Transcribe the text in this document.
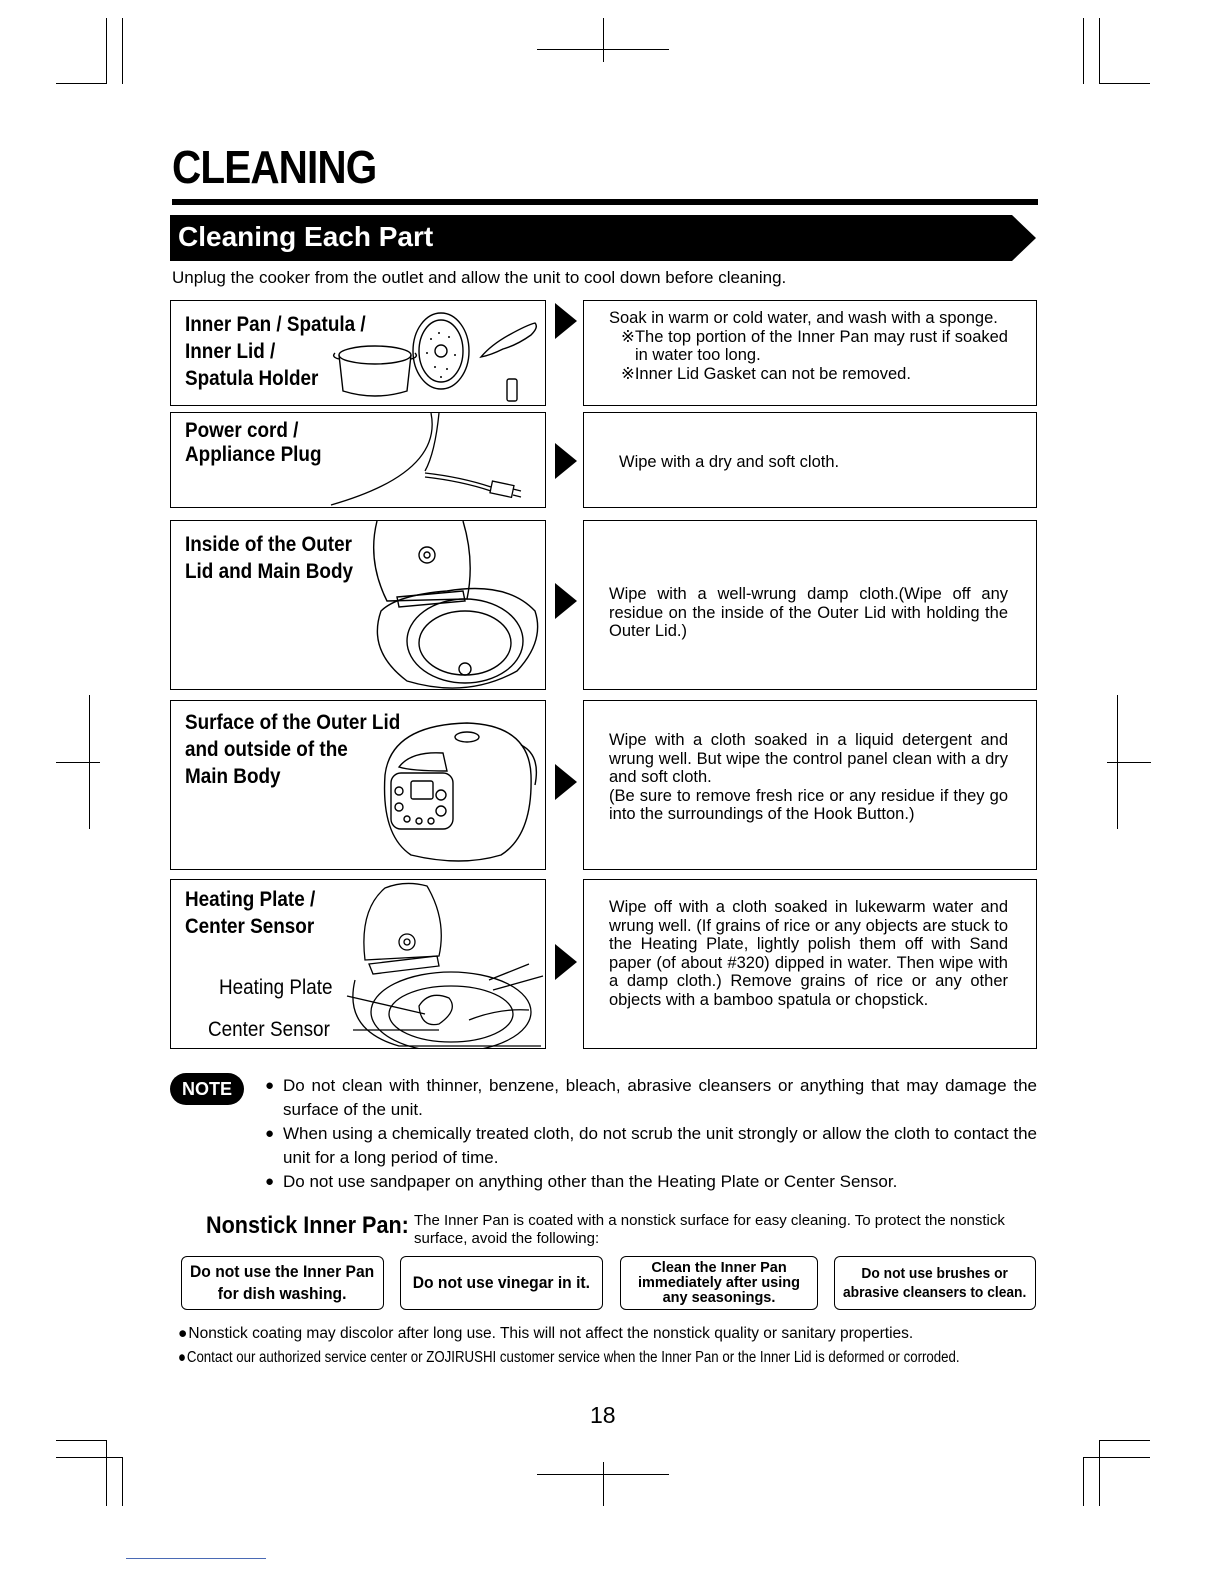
CLEANING
Cleaning Each Part
Unplug the cooker from the outlet and allow the unit to cool down before cleaning.
Inner Pan / Spatula /
Inner Lid /
Spatula Holder
Soak in warm or cold water, and wash with a sponge.
※The top portion of the Inner Pan may rust if soaked in water too long.
※Inner Lid Gasket can not be removed.
Power cord /
Appliance Plug	Wipe with a dry and soft cloth.
Inside of the Outer
Lid and Main Body
Wipe with a well-wrung damp cloth.(Wipe off any residue on the inside of the Outer Lid with holding the Outer Lid.)
Surface of the Outer Lid
and outside of the
Main Body
Wipe with a cloth soaked in a liquid detergent and wrung well. But wipe the control panel clean with a dry and soft cloth.
(Be sure to remove fresh rice or any residue if they go into the surroundings of the Hook Button.)
Heating Plate /
Center Sensor
Heating Plate
Center Sensor
Wipe off with a cloth soaked in lukewarm water and wrung well. (If grains of rice or any objects are stuck to the Heating Plate, lightly polish them off with Sand paper (of about #320) dipped in water. Then wipe with a damp cloth.) Remove grains of rice or any other objects with a bamboo spatula or chopstick.
NOTE
●	Do not clean with thinner, benzene, bleach, abrasive cleansers or anything that may damage the surface of the unit.
● When using a chemically treated cloth, do not scrub the unit strongly or allow the cloth to contact the unit for a long period of time.
● Do not use sandpaper on anything other than the Heating Plate or Center Sensor.
Nonstick Inner Pan: The Inner Pan is coated with a nonstick surface for easy cleaning. To protect the nonstick surface, avoid the following:
Do not use the Inner Pan
for dish washing.
Do not use vinegar in it.
Clean the Inner Pan
immediately after using
any seasonings.
Do not use brushes or
abrasive cleansers to clean.
● Nonstick coating may discolor after long use. This will not affect the nonstick quality or sanitary properties.
● Contact our authorized service center or ZOJIRUSHI customer service when the Inner Pan or the Inner Lid is deformed or corroded.
18
